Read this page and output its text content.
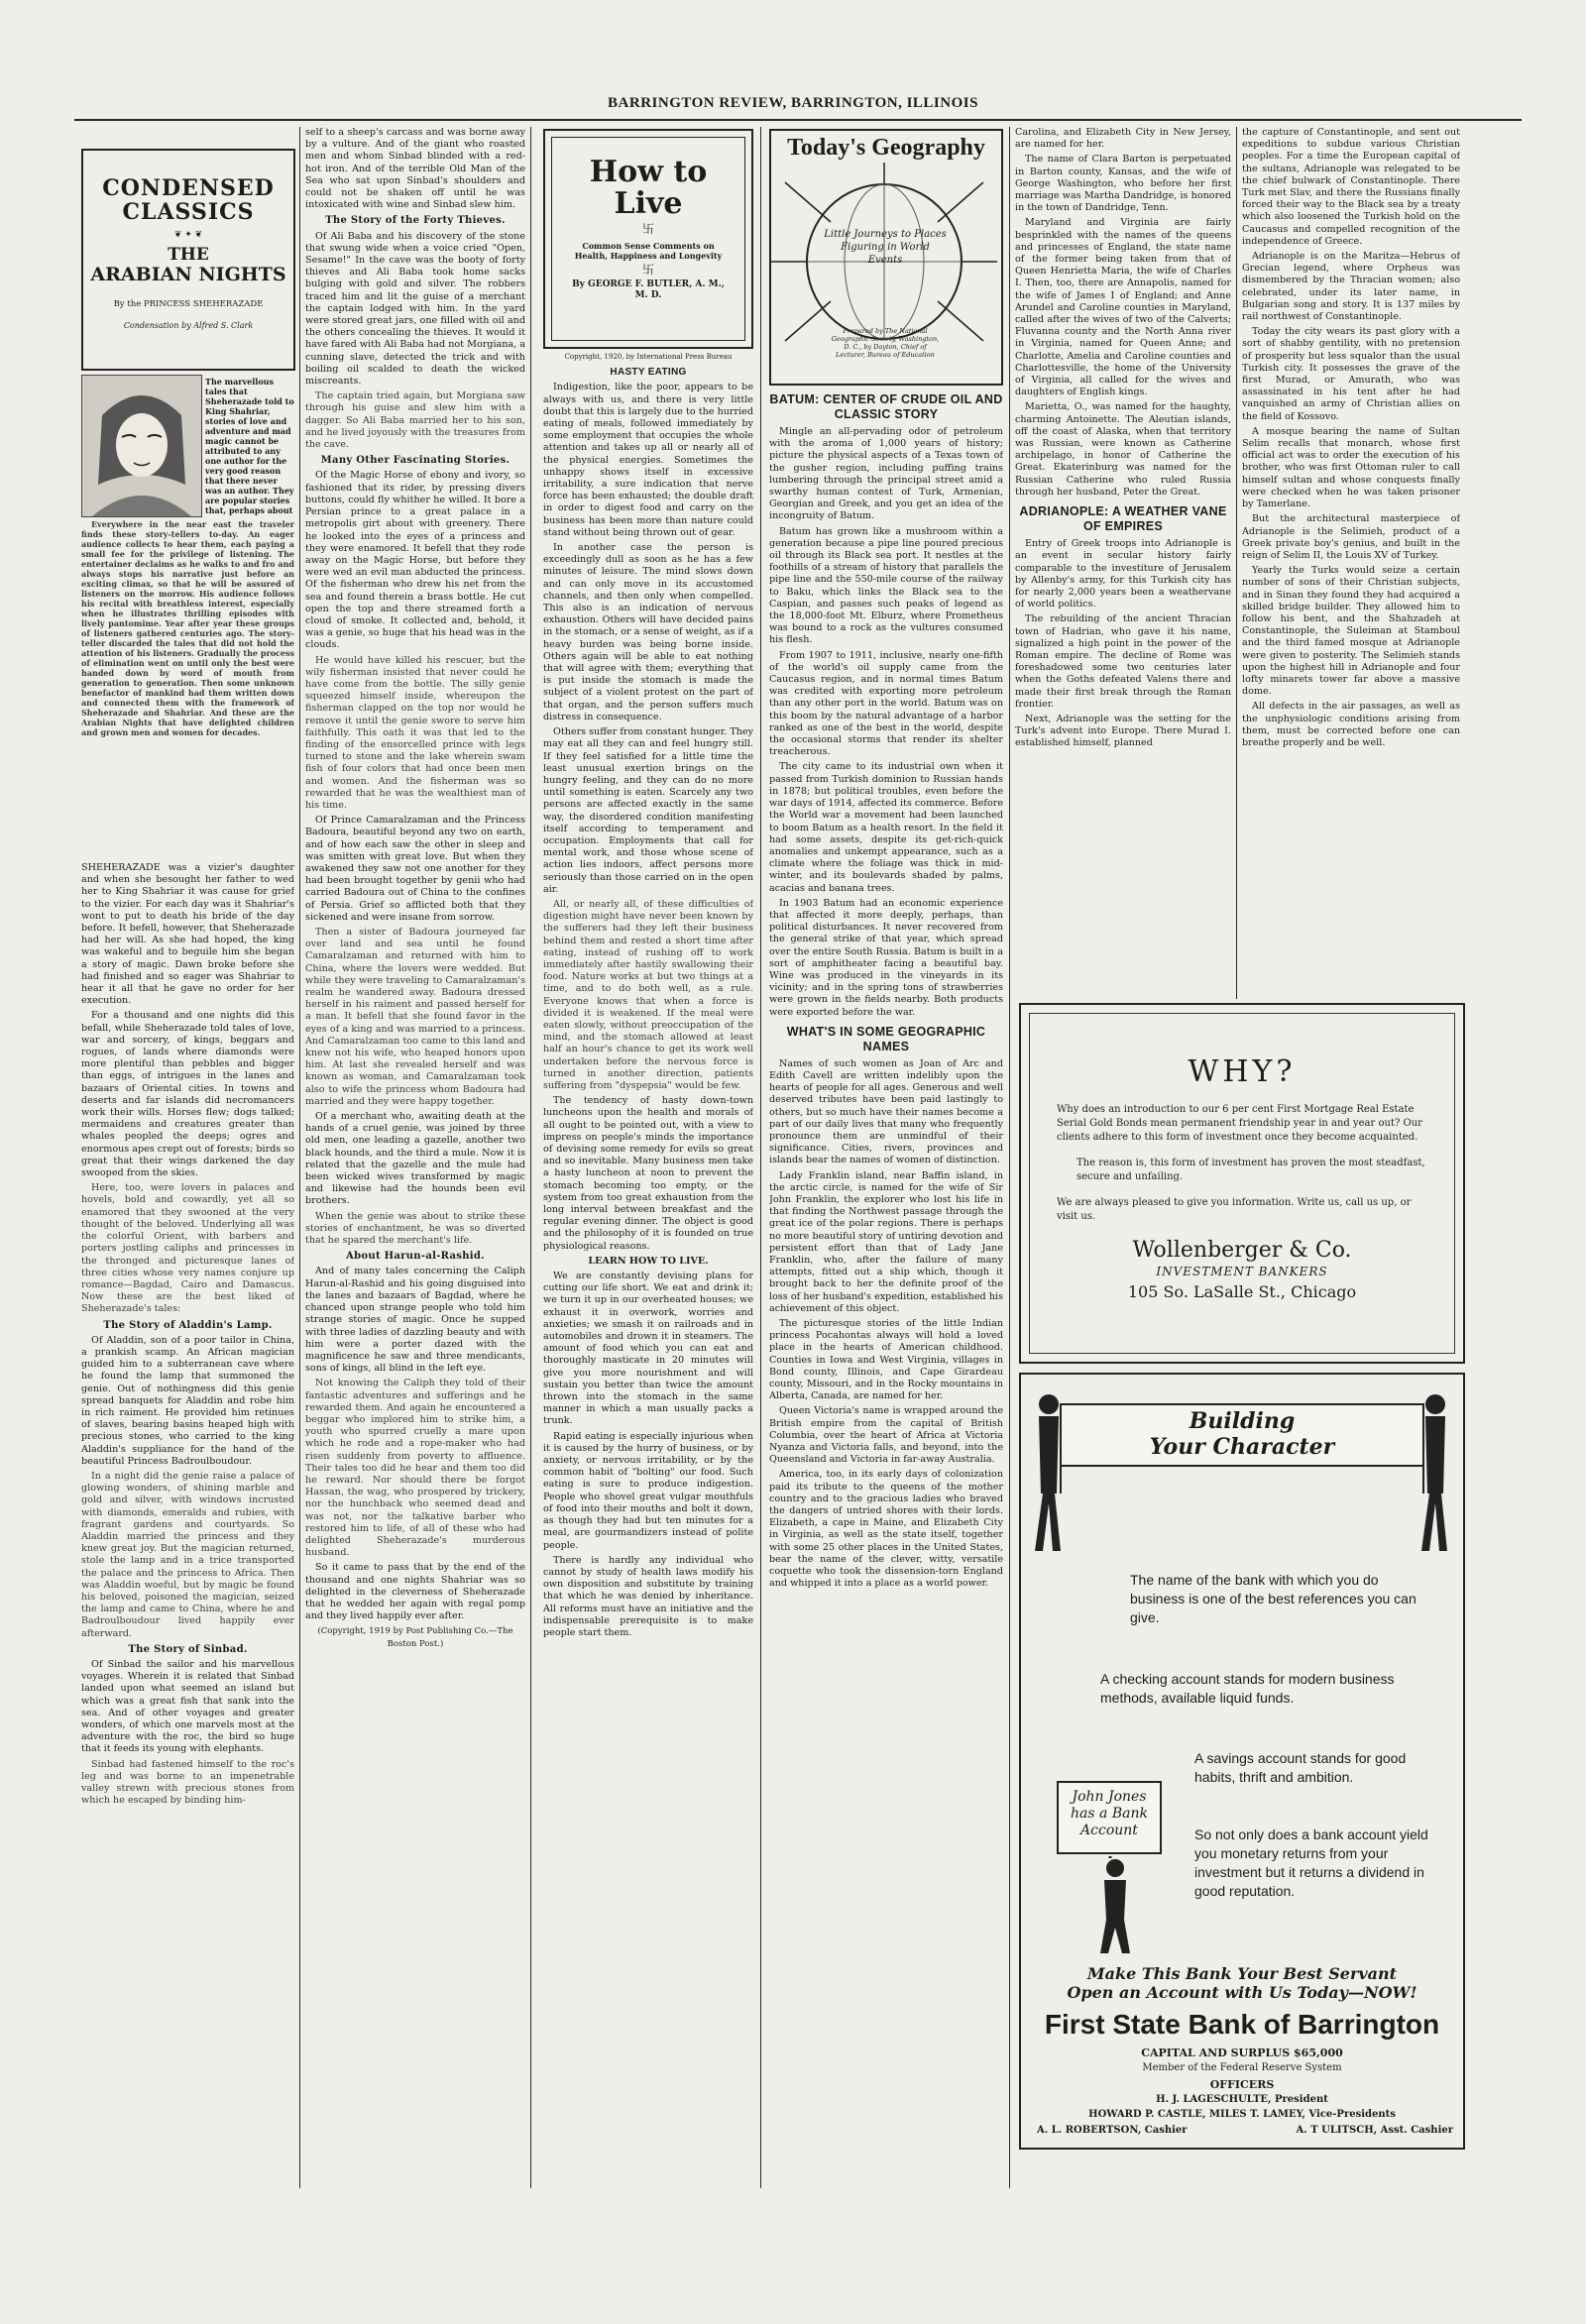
BARRINGTON REVIEW, BARRINGTON, ILLINOIS
CONDENSED
CLASSICS
❦ ✦ ❦
THE
ARABIAN NIGHTS
By the PRINCESS SHEHERAZADE
Condensation by Alfred S. Clark
The marvellous tales that Sheherazade told to King Shahriar, stories of love and adventure and mad magic cannot be attributed to any one author for the very good reason that there never was an author. They are popular stories that, perhaps about

Everywhere in the near east the traveler finds these story-tellers to-day. An eager audience collects to hear them, each paying a small fee for the privilege of listening. The entertainer declaims as he walks to and fro and always stops his narrative just before an exciting climax, so that he will be assured of listeners on the morrow. His audience follows his recital with breathless interest, especially when he illustrates thrilling episodes with lively pantomime. Year after year these groups of listeners gathered centuries ago. The story-teller discarded the tales that did not hold the attention of his listeners. Gradually the process of elimination went on until only the best were handed down by word of mouth from generation to generation. Then some unknown benefactor of mankind had them written down and connected them with the framework of Sheherazade and Shahriar. And these are the Arabian Nights that have delighted children and grown men and women for decades.

SHEHERAZADE was a vizier's daughter and when she besought her father to wed her to King Shahriar it was cause for grief to the vizier. For each day was it Shahriar's wont to put to death his bride of the day before. It befell, however, that Sheherazade had her will. As she had hoped, the king was wakeful and to beguile him she began a story of magic. Dawn broke before she had finished and so eager was Shahriar to hear it all that he gave no order for her execution.

For a thousand and one nights did this befall, while Sheherazade told tales of love, war and sorcery, of kings, beggars and rogues, of lands where diamonds were more plentiful than pebbles and bigger than eggs, of intrigues in the lanes and bazaars of Oriental cities. In towns and deserts and far islands did necromancers work their wills. Horses flew; dogs talked; mermaidens and creatures greater than whales peopled the deeps; ogres and enormous apes crept out of forests; birds so great that their wings darkened the day swooped from the skies.

Here, too, were lovers in palaces and hovels, bold and cowardly, yet all so enamored that they swooned at the very thought of the beloved. Underlying all was the colorful Orient, with barbers and porters jostling caliphs and princesses in the thronged and picturesque lanes of three cities whose very names conjure up romance—Bagdad, Cairo and Damascus. Now these are the best liked of Sheherazade's tales:

The Story of Aladdin's Lamp.

Of Aladdin, son of a poor tailor in China, a prankish scamp. An African magician guided him to a subterranean cave where he found the lamp that summoned the genie. Out of nothingness did this genie spread banquets for Aladdin and robe him in rich raiment. He provided him retinues of slaves, bearing basins heaped high with precious stones, who carried to the king Aladdin's suppliance for the hand of the beautiful Princess Badroulboudour.

In a night did the genie raise a palace of glowing wonders, of shining marble and gold and silver, with windows incrusted with diamonds, emeralds and rubies, with fragrant gardens and courtyards. So Aladdin married the princess and they knew great joy. But the magician returned, stole the lamp and in a trice transported the palace and the princess to Africa. Then was Aladdin woeful, but by magic he found his beloved, poisoned the magician, seized the lamp and came to China, where he and Badroulboudour lived happily ever afterward.

The Story of Sinbad.

Of Sinbad the sailor and his marvellous voyages. Wherein it is related that Sinbad landed upon what seemed an island but which was a great fish that sank into the sea. And of other voyages and greater wonders, of which one marvels most at the adventure with the roc, the bird so huge that it feeds its young with elephants.

Sinbad had fastened himself to the roc's leg and was borne to an impenetrable valley strewn with precious stones from which he escaped by binding him-

self to a sheep's carcass and was borne away by a vulture. And of the giant who roasted men and whom Sinbad blinded with a red-hot iron. And of the terrible Old Man of the Sea who sat upon Sinbad's shoulders and could not be shaken off until he was intoxicated with wine and Sinbad slew him.

The Story of the Forty Thieves.

Of Ali Baba and his discovery of the stone that swung wide when a voice cried "Open, Sesame!" In the cave was the booty of forty thieves and Ali Baba took home sacks bulging with gold and silver. The robbers traced him and lit the guise of a merchant the captain lodged with him. In the yard were stored great jars, one filled with oil and the others concealing the thieves. It would it have fared with Ali Baba had not Morgiana, a cunning slave, detected the trick and with boiling oil scalded to death the wicked miscreants.

The captain tried again, but Morgiana saw through his guise and slew him with a dagger. So Ali Baba married her to his son, and he lived joyously with the treasures from the cave.

Many Other Fascinating Stories.

Of the Magic Horse of ebony and ivory, so fashioned that its rider, by pressing divers buttons, could fly whither he willed. It bore a Persian prince to a great palace in a metropolis girt about with greenery. There he looked into the eyes of a princess and they were enamored. It befell that they rode away on the Magic Horse, but before they were wed an evil man abducted the princess. Of the fisherman who drew his net from the sea and found therein a brass bottle. He cut open the top and there streamed forth a cloud of smoke. It collected and, behold, it was a genie, so huge that his head was in the clouds.

He would have killed his rescuer, but the wily fisherman insisted that never could he have come from the bottle. The silly genie squeezed himself inside, whereupon the fisherman clapped on the top nor would he remove it until the genie swore to serve him faithfully. This oath it was that led to the finding of the ensorcelled prince with legs turned to stone and the lake wherein swam fish of four colors that had once been men and women. And the fisherman was so rewarded that he was the wealthiest man of his time.

Of Prince Camaralzaman and the Princess Badoura, beautiful beyond any two on earth, and of how each saw the other in sleep and was smitten with great love. But when they awakened they saw not one another for they had been brought together by genii who had carried Badoura out of China to the confines of Persia. Grief so afflicted both that they sickened and were insane from sorrow.

Then a sister of Badoura journeyed far over land and sea until he found Camaralzaman and returned with him to China, where the lovers were wedded. But while they were traveling to Camaralzaman's realm he wandered away. Badoura dressed herself in his raiment and passed herself for a man. It befell that she found favor in the eyes of a king and was married to a princess. And Camaralzaman too came to this land and knew not his wife, who heaped honors upon him. At last she revealed herself and was known as woman, and Camaralzaman took also to wife the princess whom Badoura had married and they were happy together.

Of a merchant who, awaiting death at the hands of a cruel genie, was joined by three old men, one leading a gazelle, another two black hounds, and the third a mule. Now it is related that the gazelle and the mule had been wicked wives transformed by magic and likewise had the hounds been evil brothers.

When the genie was about to strike these stories of enchantment, he was so diverted that he spared the merchant's life.

About Harun-al-Rashid.

And of many tales concerning the Caliph Harun-al-Rashid and his going disguised into the lanes and bazaars of Bagdad, where he chanced upon strange people who told him strange stories of magic. Once he supped with three ladies of dazzling beauty and with him were a porter dazed with the magnificence he saw and three mendicants, sons of kings, all blind in the left eye.

Not knowing the Caliph they told of their fantastic adventures and sufferings and he rewarded them. And again he encountered a beggar who implored him to strike him, a youth who spurred cruelly a mare upon which he rode and a rope-maker who had risen suddenly from poverty to affluence. Their tales too did he hear and them too did he reward. Nor should there be forgot Hassan, the wag, who prospered by trickery, nor the hunchback who seemed dead and was not, nor the talkative barber who restored him to life, of all of these who had delighted Sheherazade's murderous husband.

So it came to pass that by the end of the thousand and one nights Shahriar was so delighted in the cleverness of Sheherazade that he wedded her again with regal pomp and they lived happily ever after.

(Copyright, 1919 by Post Publishing Co.—The Boston Post.)

How to
Live
卐
Common Sense Comments on Health, Happiness and Longevity
卐
By GEORGE F. BUTLER, A. M., M. D.
Copyright, 1920, by International Press Bureau
HASTY EATING

Indigestion, like the poor, appears to be always with us, and there is very little doubt that this is largely due to the hurried eating of meals, followed immediately by some employment that occupies the whole attention and takes up all or nearly all of the physical energies. Sometimes the unhappy shows itself in excessive irritability, a sure indication that nerve force has been exhausted; the double draft in order to digest food and carry on the business has been more than nature could stand without being thrown out of gear.

In another case the person is exceedingly dull as soon as he has a few minutes of leisure. The mind slows down and can only move in its accustomed channels, and then only when compelled. This also is an indication of nervous exhaustion. Others will have decided pains in the stomach, or a sense of weight, as if a heavy burden was being borne inside. Others again will be able to eat nothing that will agree with them; everything that is put inside the stomach is made the subject of a violent protest on the part of that organ, and the person suffers much distress in consequence.

Others suffer from constant hunger. They may eat all they can and feel hungry still. If they feel satisfied for a little time the least unusual exertion brings on the hungry feeling, and they can do no more until something is eaten. Scarcely any two persons are affected exactly in the same way, the disordered condition manifesting itself according to temperament and occupation. Employments that call for mental work, and those whose scene of action lies indoors, affect persons more seriously than those carried on in the open air.

All, or nearly all, of these difficulties of digestion might have never been known by the sufferers had they left their business behind them and rested a short time after eating, instead of rushing off to work immediately after hastily swallowing their food. Nature works at but two things at a time, and to do both well, as a rule. Everyone knows that when a force is divided it is weakened. If the meal were eaten slowly, without preoccupation of the mind, and the stomach allowed at least half an hour's chance to get its work well undertaken before the nervous force is turned in another direction, patients suffering from "dyspepsia" would be few.

The tendency of hasty down-town luncheons upon the health and morals of all ought to be pointed out, with a view to impress on people's minds the importance of devising some remedy for evils so great and so inevitable. Many business men take a hasty luncheon at noon to prevent the stomach becoming too empty, or the system from too great exhaustion from the long interval between breakfast and the regular evening dinner. The object is good and the philosophy of it is founded on true physiological reasons.

LEARN HOW TO LIVE.

We are constantly devising plans for cutting our life short. We eat and drink it; we turn it up in our overheated houses; we exhaust it in overwork, worries and anxieties; we smash it on railroads and in automobiles and drown it in steamers. The amount of food which you can eat and thoroughly masticate in 20 minutes will give you more nourishment and will sustain you better than twice the amount thrown into the stomach in the same manner in which a man usually packs a trunk.

Rapid eating is especially injurious when it is caused by the hurry of business, or by anxiety, or nervous irritability, or by the common habit of "bolting" our food. Such eating is sure to produce indigestion. People who shovel great vulgar mouthfuls of food into their mouths and bolt it down, as though they had but ten minutes for a meal, are gourmandizers instead of polite people.

There is hardly any individual who cannot by study of health laws modify his own disposition and substitute by training that which he was denied by inheritance. All reforms must have an initiative and the indispensable prerequisite is to make people start them.

Today's Geography
Little Journeys to Places
Figuring in World
Events
Prepared by The National Geographic Society, Washington, D. C., by Dayton, Chief of Lecturer, Bureau of Education
BATUM: CENTER OF CRUDE OIL AND CLASSIC STORY

Mingle an all-pervading odor of petroleum with the aroma of 1,000 years of history; picture the physical aspects of a Texas town of the gusher region, including puffing trains lumbering through the principal street amid a swarthy human contest of Turk, Armenian, Georgian and Greek, and you get an idea of the incongruity of Batum.

Batum has grown like a mushroom within a generation because a pipe line poured precious oil through its Black sea port. It nestles at the foothills of a stream of history that parallels the pipe line and the 550-mile course of the railway to Baku, which links the Black sea to the Caspian, and passes such peaks of legend as the 18,000-foot Mt. Elburz, where Prometheus was bound to a rock as the vultures consumed his flesh.

From 1907 to 1911, inclusive, nearly one-fifth of the world's oil supply came from the Caucasus region, and in normal times Batum was credited with exporting more petroleum than any other port in the world. Batum was on this boom by the natural advantage of a harbor ranked as one of the best in the world, despite the occasional storms that render its shelter treacherous.

The city came to its industrial own when it passed from Turkish dominion to Russian hands in 1878; but political troubles, even before the war days of 1914, affected its commerce. Before the World war a movement had been launched to boom Batum as a health resort. In the field it had some assets, despite its get-rich-quick anomalies and unkempt appearance, such as a climate where the foliage was thick in mid-winter, and its boulevards shaded by palms, acacias and banana trees.

In 1903 Batum had an economic experience that affected it more deeply, perhaps, than political disturbances. It never recovered from the general strike of that year, which spread over the entire South Russia. Batum is built in a sort of amphitheater facing a beautiful bay. Wine was produced in the vineyards in its vicinity; and in the spring tons of strawberries were grown in the fields nearby. Both products were exported before the war.

WHAT'S IN SOME GEOGRAPHIC NAMES

Names of such women as Joan of Arc and Edith Cavell are written indelibly upon the hearts of people for all ages. Generous and well deserved tributes have been paid lastingly to others, but so much have their names become a part of our daily lives that many who frequently pronounce them are unmindful of their significance. Cities, rivers, provinces and islands bear the names of women of distinction.

Lady Franklin island, near Baffin island, in the arctic circle, is named for the wife of Sir John Franklin, the explorer who lost his life in that finding the Northwest passage through the great ice of the polar regions. There is perhaps no more beautiful story of untiring devotion and persistent effort than that of Lady Jane Franklin, who, after the failure of many attempts, fitted out a ship which, though it brought back to her the definite proof of the loss of her husband's expedition, established his achievement of this object.

The picturesque stories of the little Indian princess Pocahontas always will hold a loved place in the hearts of American childhood. Counties in Iowa and West Virginia, villages in Bond county, Illinois, and Cape Girardeau county, Missouri, and in the Rocky mountains in Alberta, Canada, are named for her.

Queen Victoria's name is wrapped around the British empire from the capital of British Columbia, over the heart of Africa at Victoria Nyanza and Victoria falls, and beyond, into the Queensland and Victoria in far-away Australia.

America, too, in its early days of colonization paid its tribute to the queens of the mother country and to the gracious ladies who braved the dangers of untried shores with their lords. Elizabeth, a cape in Maine, and Elizabeth City in Virginia, as well as the state itself, together with some 25 other places in the United States, bear the name of the clever, witty, versatile coquette who took the dissension-torn England and whipped it into a place as a world power.

Carolina, and Elizabeth City in New Jersey, are named for her.

The name of Clara Barton is perpetuated in Barton county, Kansas, and the wife of George Washington, who before her first marriage was Martha Dandridge, is honored in the town of Dandridge, Tenn.

Maryland and Virginia are fairly besprinkled with the names of the queens and princesses of England, the state name of the former being taken from that of Queen Henrietta Maria, the wife of Charles I. Then, too, there are Annapolis, named for the wife of James I of England; and Anne Arundel and Caroline counties in Maryland, called after the wives of two of the Calverts; Fluvanna county and the North Anna river in Virginia, named for Queen Anne; and Charlotte, Amelia and Caroline counties and Charlottesville, the home of the University of Virginia, all called for the wives and daughters of English kings.

Marietta, O., was named for the haughty, charming Antoinette. The Aleutian islands, off the coast of Alaska, when that territory was Russian, were known as Catherine archipelago, in honor of Catherine the Great. Ekaterinburg was named for the Russian Catherine who ruled Russia through her husband, Peter the Great.

ADRIANOPLE: A WEATHER VANE OF EMPIRES

Entry of Greek troops into Adrianople is an event in secular history fairly comparable to the investiture of Jerusalem by Allenby's army, for this Turkish city has for nearly 2,000 years been a weathervane of world politics.

The rebuilding of the ancient Thracian town of Hadrian, who gave it his name, signalized a high point in the power of the Roman empire. The decline of Rome was foreshadowed some two centuries later when the Goths defeated Valens there and made their first break through the Roman frontier.

Next, Adrianople was the setting for the Turk's advent into Europe. There Murad I. established himself, planned

the capture of Constantinople, and sent out expeditions to subdue various Christian peoples. For a time the European capital of the sultans, Adrianople was relegated to be the chief bulwark of Constantinople. There Turk met Slav, and there the Russians finally forced their way to the Black sea by a treaty which also loosened the Turkish hold on the Caucasus and compelled recognition of the independence of Greece.

Adrianople is on the Maritza—Hebrus of Grecian legend, where Orpheus was dismembered by the Thracian women; also celebrated, under its later name, in Bulgarian song and story. It is 137 miles by rail northwest of Constantinople.

Today the city wears its past glory with a sort of shabby gentility, with no pretension of prosperity but less squalor than the usual Turkish city. It possesses the grave of the first Murad, or Amurath, who was assassinated in his tent after he had vanquished an army of Christian allies on the field of Kossovo.

A mosque bearing the name of Sultan Selim recalls that monarch, whose first official act was to order the execution of his brother, who was first Ottoman ruler to call himself sultan and whose conquests finally were checked when he was taken prisoner by Tamerlane.

But the architectural masterpiece of Adrianople is the Selimieh, product of a Greek private boy's genius, and built in the reign of Selim II, the Louis XV of Turkey.

Yearly the Turks would seize a certain number of sons of their Christian subjects, and in Sinan they found they had acquired a skilled bridge builder. They allowed him to follow his bent, and the Shahzadeh at Constantinople, the Suleiman at Stamboul and the third famed mosque at Adrianople were given to posterity. The Selimieh stands upon the highest hill in Adrianople and four lofty minarets tower far above a massive dome.

All defects in the air passages, as well as the unphysiologic conditions arising from them, must be corrected before one can breathe properly and be well.

WHY?
Why does an introduction to our 6 per cent First Mortgage Real Estate Serial Gold Bonds mean permanent friendship year in and year out? Our clients adhere to this form of investment once they become acquainted.
The reason is, this form of investment has proven the most steadfast, secure and unfailing.
We are always pleased to give you information. Write us, call us up, or visit us.
Wollenberger & Co.
INVESTMENT BANKERS
105 So. LaSalle St., Chicago
Building
Your Character
The name of the bank with which you do business is one of the best references you can give.
A checking account stands for modern business methods, available liquid funds.
A savings account stands for good habits, thrift and ambition.
So not only does a bank account yield you monetary returns from your investment but it returns a dividend in good reputation.
John Jones
has a Bank
Account
Make This Bank Your Best Servant
Open an Account with Us Today—NOW!
First State Bank of Barrington
CAPITAL AND SURPLUS $65,000
Member of the Federal Reserve System
OFFICERS
H. J. LAGESCHULTE, President
HOWARD P. CASTLE, MILES T. LAMEY, Vice-Presidents
A. L. ROBERTSON, Cashier	A. T ULITSCH, Asst. Cashier
